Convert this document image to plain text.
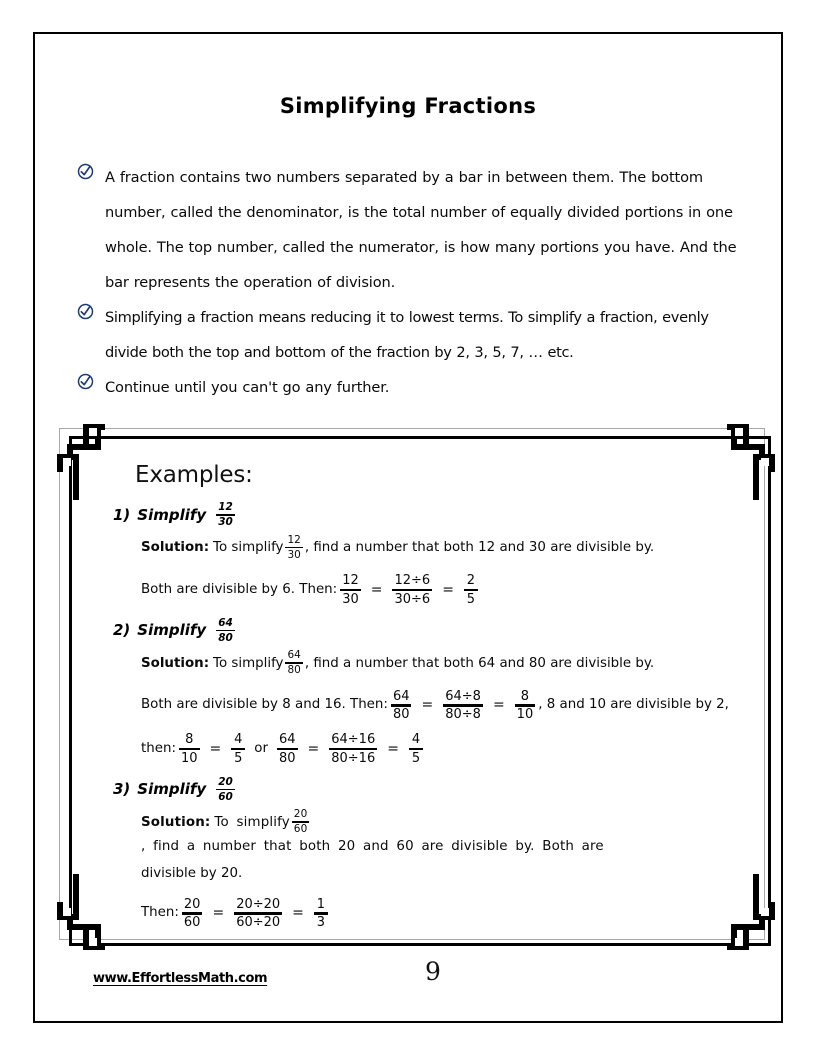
Simplifying Fractions
A fraction contains two numbers separated by a bar in between them. The bottom number, called the denominator, is the total number of equally divided portions in one whole. The top number, called the numerator, is how many portions you have. And the bar represents the operation of division.
Simplifying a fraction means reducing it to lowest terms. To simplify a fraction, evenly divide both the top and bottom of the fraction by 2, 3, 5, 7, … etc.
Continue until you can't go any further.
Examples:
1) Simplify $\frac{12}{30}$
Solution: To simplify $\frac{12}{30}$ , find a number that both 12 and 30 are divisible by.
Both are divisible by 6. Then: $\frac{12}{30} = \frac{12\div 6}{30\div 6} = \frac{2}{5}$
2) Simplify $\frac{64}{80}$
Solution: To simplify $\frac{64}{80}$ , find a number that both 64 and 80 are divisible by.
Both are divisible by 8 and 16. Then: $\frac{64}{80} = \frac{64\div 8}{80\div 8} = \frac{8}{10}$ , 8 and 10 are divisible by 2,
then: $\frac{8}{10} = \frac{4}{5}$ or $\frac{64}{80} = \frac{64\div 16}{80\div 16} = \frac{4}{5}$
3) Simplify $\frac{20}{60}$
Solution: To simplify $\frac{20}{60}$
, find a number that both 20 and 60 are divisible by. Both are
divisible by 20.
Then: $\frac{20}{60} = \frac{20\div 20}{60\div 20} = \frac{1}{3}$
www.EffortlessMath.com	9
